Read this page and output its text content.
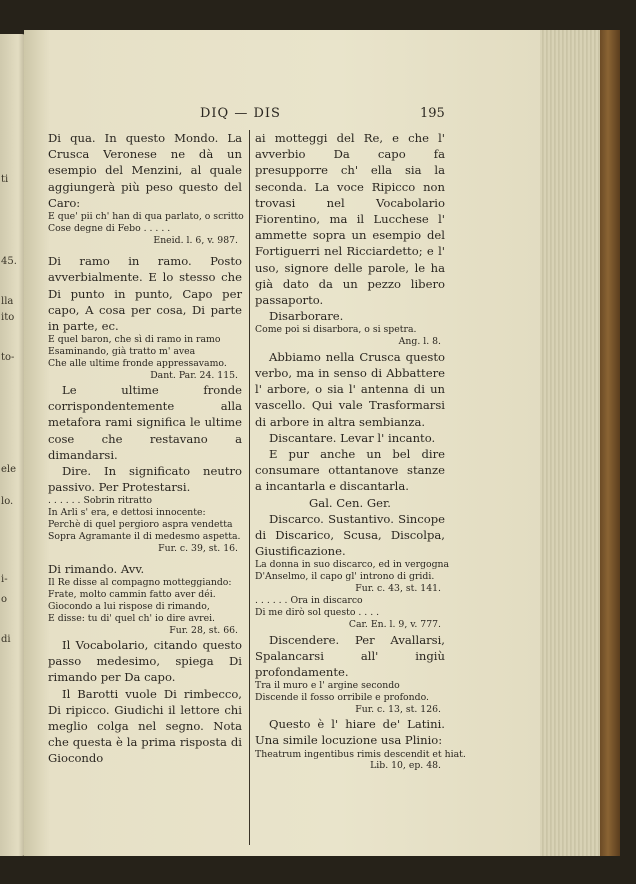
ti
45.
lla
ito
to-
ele
lo.
i-
o
di
DIQ — DIS	195
Di qua. In questo Mondo. La Crusca Veronese ne dà un esempio del Menzini, al quale aggiungerà più peso questo del Caro:
E que' pii ch' han di qua parlato, o scritto
Cose degne di Febo . . . . .
Eneid. l. 6, v. 987.
Di ramo in ramo. Posto avverbialmente. E lo stesso che Di punto in punto, Capo per capo, A cosa per cosa, Di parte in parte, ec.
E quel baron, che sì di ramo in ramo
Esaminando, già tratto m' avea
Che alle ultime fronde appressavamo.
Dant. Par. 24. 115.
Le ultime fronde corrispondentemente alla metafora rami significa le ultime cose che restavano a dimandarsi.
Dire. In significato neutro passivo. Per Protestarsi.
. . . . . . Sobrin ritratto
In Arli s' era, e dettosi innocente:
Perchè di quel pergioro aspra vendetta
Sopra Agramante il di medesmo aspetta.
Fur. c. 39, st. 16.
Di rimando. Avv.
Il Re disse al compagno motteggiando:
Frate, molto cammin fatto aver déi.
Giocondo a lui rispose di rimando,
E disse: tu di' quel ch' io dire avrei.
Fur. 28, st. 66.
Il Vocabolario, citando questo passo medesimo, spiega Di rimando per Da capo.
Il Barotti vuole Di rimbecco, Di ripicco. Giudichi il lettore chi meglio colga nel segno. Nota che questa è la prima risposta di Giocondo
ai motteggi del Re, e che l' avverbio Da capo fa presupporre ch' ella sia la seconda. La voce Ripicco non trovasi nel Vocabolario Fiorentino, ma il Lucchese l' ammette sopra un esempio del Fortiguerri nel Ricciardetto; e l' uso, signore delle parole, le ha già dato da un pezzo libero passaporto.
Disarborare.
Come poi si disarbora, o si spetra.
Ang. l. 8.
Abbiamo nella Crusca questo verbo, ma in senso di Abbattere l' arbore, o sia l' antenna di un vascello. Qui vale Trasformarsi di arbore in altra sembianza.
Discantare. Levar l' incanto.
E pur anche un bel dire consumare ottantanove stanze a incantarla e discantarla.
Gal. Cen. Ger.
Discarco. Sustantivo. Sincope di Discarico, Scusa, Discolpa, Giustificazione.
La donna in suo discarco, ed in vergogna
D'Anselmo, il capo gl' introno di gridi.
Fur. c. 43, st. 141.
. . . . . . Ora in discarco
Di me dirò sol questo . . . .
Car. En. l. 9, v. 777.
Discendere. Per Avallarsi, Spalancarsi all' ingiù profondamente.
Tra il muro e l' argine secondo
Discende il fosso orribile e profondo.
Fur. c. 13, st. 126.
Questo è l' hiare de' Latini. Una simile locuzione usa Plinio:
Theatrum ingentibus rimis descendit et hiat.
Lib. 10, ep. 48.
